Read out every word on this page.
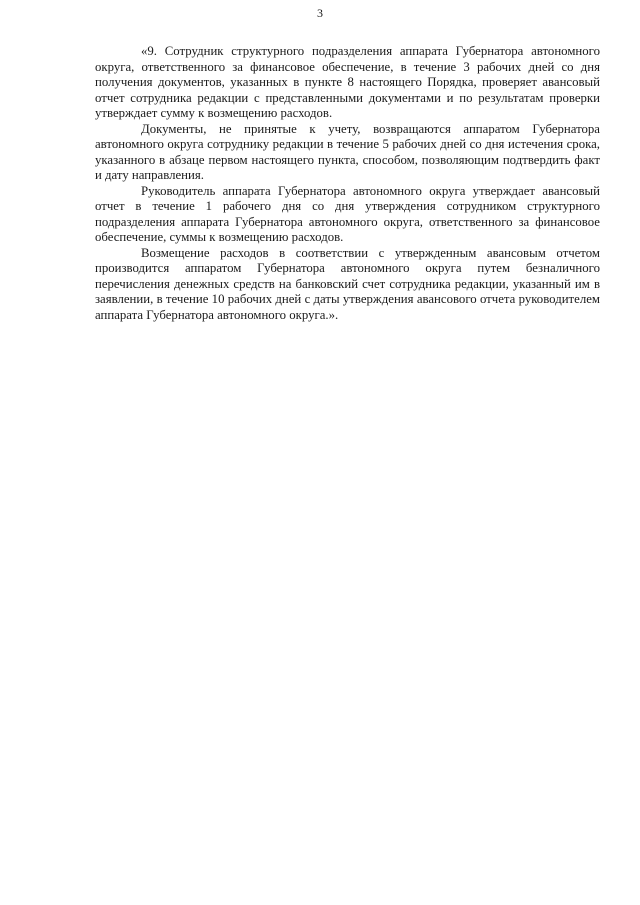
3

«9. Сотрудник структурного подразделения аппарата Губернатора автономного округа, ответственного за финансовое обеспечение, в течение 3 рабочих дней со дня получения документов, указанных в пункте 8 настоящего Порядка, проверяет авансовый отчет сотрудника редакции с представленными документами и по результатам проверки утверждает сумму к возмещению расходов.

Документы, не принятые к учету, возвращаются аппаратом Губернатора автономного округа сотруднику редакции в течение 5 рабочих дней со дня истечения срока, указанного в абзаце первом настоящего пункта, способом, позволяющим подтвердить факт и дату направления.

Руководитель аппарата Губернатора автономного округа утверждает авансовый отчет в течение 1 рабочего дня со дня утверждения сотрудником структурного подразделения аппарата Губернатора автономного округа, ответственного за финансовое обеспечение, суммы к возмещению расходов.

Возмещение расходов в соответствии с утвержденным авансовым отчетом производится аппаратом Губернатора автономного округа путем безналичного перечисления денежных средств на банковский счет сотрудника редакции, указанный им в заявлении, в течение 10 рабочих дней с даты утверждения авансового отчета руководителем аппарата Губернатора автономного округа.».
